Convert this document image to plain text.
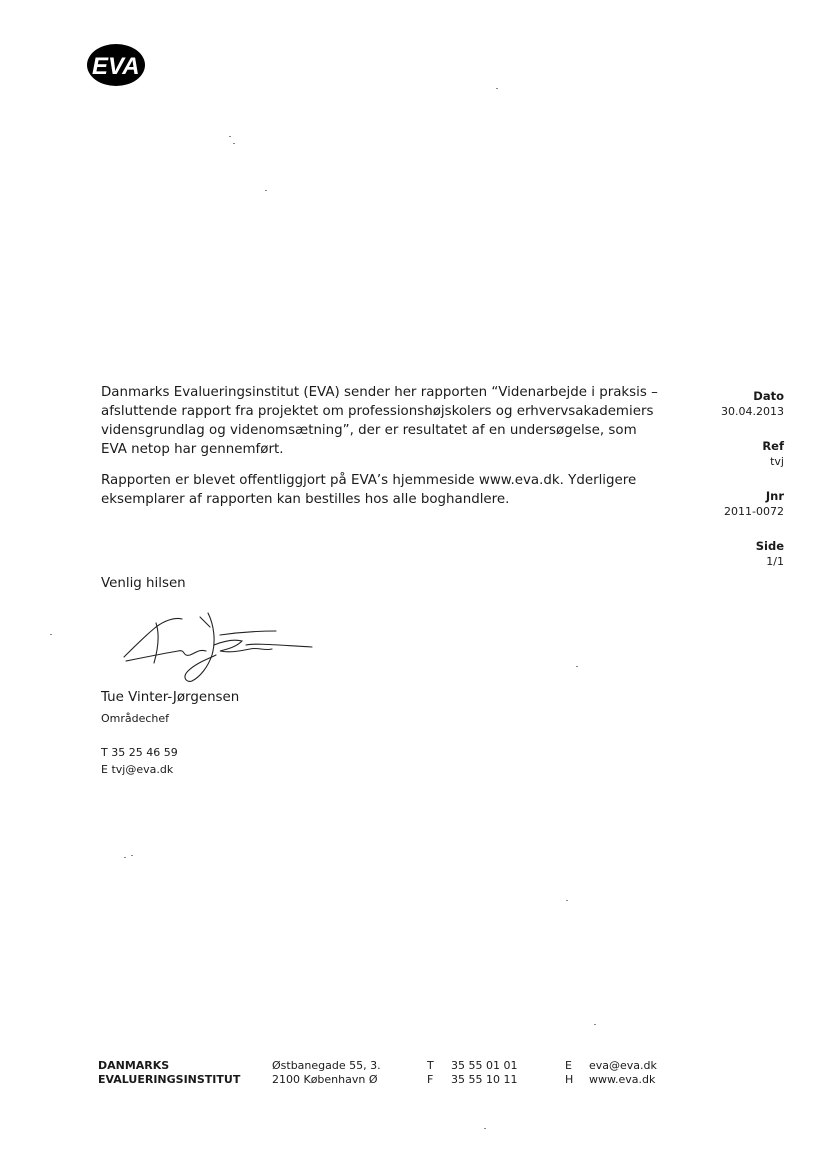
EVA

Danmarks Evalueringsinstitut (EVA) sender her rapporten “Videnarbejde i praksis – afsluttende rapport fra projektet om professionshøjskolers og erhvervsakademiers vidensgrundlag og videnomsætning”, der er resultatet af en undersøgelse, som EVA netop har gennemført.

Rapporten er blevet offentliggjort på EVA’s hjemmeside www.eva.dk. Yderligere eksemplarer af rapporten kan bestilles hos alle boghandlere.

Dato
30.04.2013
Ref
tvj
Jnr
2011-0072
Side
1/1
Venlig hilsen
Tue Vinter-Jørgensen
Områdechef
T 35 25 46 59
E tvj@eva.dk
DANMARKS
EVALUERINGSINSTITUT
Østbanegade 55, 3.
2100 København Ø
T 35 55 01 01
F 35 55 10 11
E eva@eva.dk
H www.eva.dk
